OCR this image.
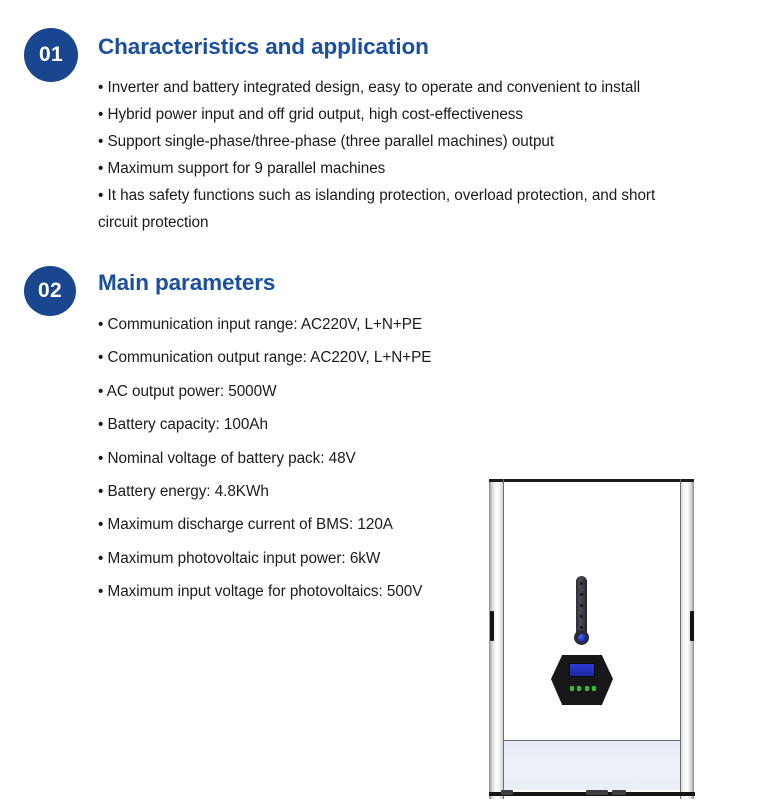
01	Characteristics and application
• Inverter and battery integrated design, easy to operate and convenient to install
• Hybrid power input and off grid output, high cost-effectiveness
• Support single-phase/three-phase (three parallel machines) output
• Maximum support for 9 parallel machines
• It has safety functions such as islanding protection, overload protection, and short circuit protection
02	Main parameters
• Communication input range: AC220V, L+N+PE
• Communication output range: AC220V, L+N+PE
• AC output power: 5000W
• Battery capacity: 100Ah
• Nominal voltage of battery pack: 48V
• Battery energy: 4.8KWh
• Maximum discharge current of BMS: 120A
• Maximum photovoltaic input power: 6kW
• Maximum input voltage for photovoltaics: 500V
